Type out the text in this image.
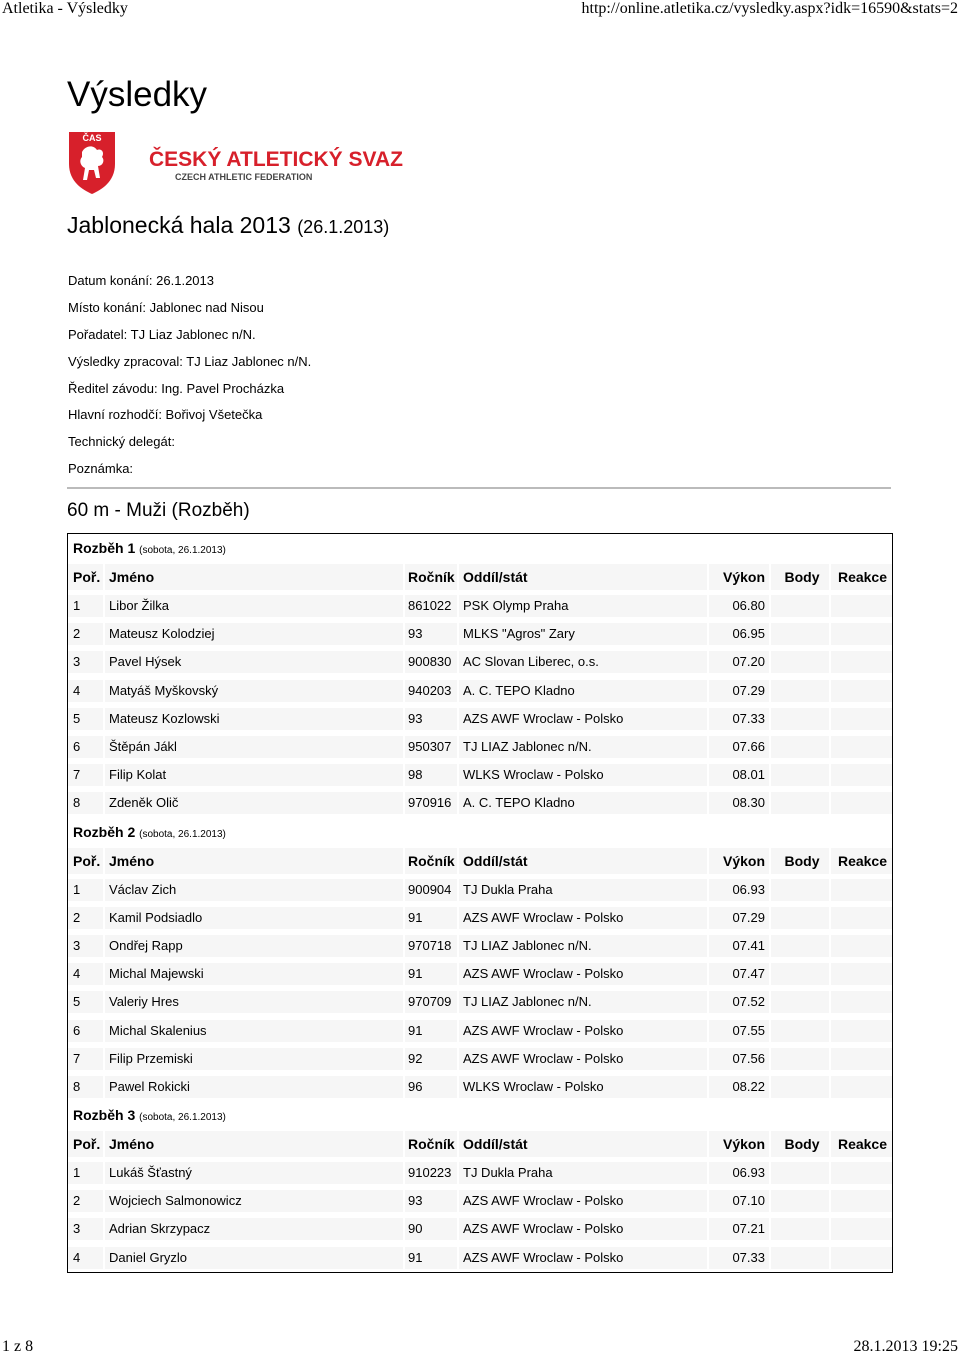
Atletika - Výsledky	http://online.atletika.cz/vysledky.aspx?idk=16590&stats=2
Výsledky
ČAS
ČESKÝ ATLETICKÝ SVAZ
CZECH ATHLETIC FEDERATION
Jablonecká hala 2013 (26.1.2013)
Datum konání: 26.1.2013
Místo konání: Jablonec nad Nisou
Pořadatel: TJ Liaz Jablonec n/N.
Výsledky zpracoval: TJ Liaz Jablonec n/N.
Ředitel závodu: Ing. Pavel Procházka
Hlavní rozhodčí: Bořivoj Všetečka
Technický delegát:
Poznámka:
60 m - Muži (Rozběh)
Rozběh 1 (sobota, 26.1.2013)
Poř. Jméno	Ročník Oddíl/stát	Výkon	Body	Reakce
1	Libor Žilka	861022 PSK Olymp Praha	06.80
2	Mateusz Kolodziej	93	MLKS "Agros" Zary	06.95
3	Pavel Hýsek	900830 AC Slovan Liberec, o.s.	07.20
4	Matyáš Myškovský	940203 A. C. TEPO Kladno	07.29
5	Mateusz Kozlowski	93	AZS AWF Wroclaw - Polsko	07.33
6	Štěpán Jákl	950307 TJ LIAZ Jablonec n/N.	07.66
7	Filip Kolat	98	WLKS Wroclaw - Polsko	08.01
8	Zdeněk Olič	970916 A. C. TEPO Kladno	08.30
Rozběh 2 (sobota, 26.1.2013)
Poř. Jméno	Ročník Oddíl/stát	Výkon	Body	Reakce
1	Václav Zich	900904 TJ Dukla Praha	06.93
2	Kamil Podsiadlo	91	AZS AWF Wroclaw - Polsko	07.29
3	Ondřej Rapp	970718 TJ LIAZ Jablonec n/N.	07.41
4	Michal Majewski	91	AZS AWF Wroclaw - Polsko	07.47
5	Valeriy Hres	970709 TJ LIAZ Jablonec n/N.	07.52
6	Michal Skalenius	91	AZS AWF Wroclaw - Polsko	07.55
7	Filip Przemiski	92	AZS AWF Wroclaw - Polsko	07.56
8	Pawel Rokicki	96	WLKS Wroclaw - Polsko	08.22
Rozběh 3 (sobota, 26.1.2013)
Poř. Jméno	Ročník Oddíl/stát	Výkon	Body	Reakce
1	Lukáš Šťastný	910223 TJ Dukla Praha	06.93
2	Wojciech Salmonowicz	93	AZS AWF Wroclaw - Polsko	07.10
3	Adrian Skrzypacz	90	AZS AWF Wroclaw - Polsko	07.21
4	Daniel Gryzlo	91	AZS AWF Wroclaw - Polsko	07.33
1 z 8	28.1.2013 19:25
